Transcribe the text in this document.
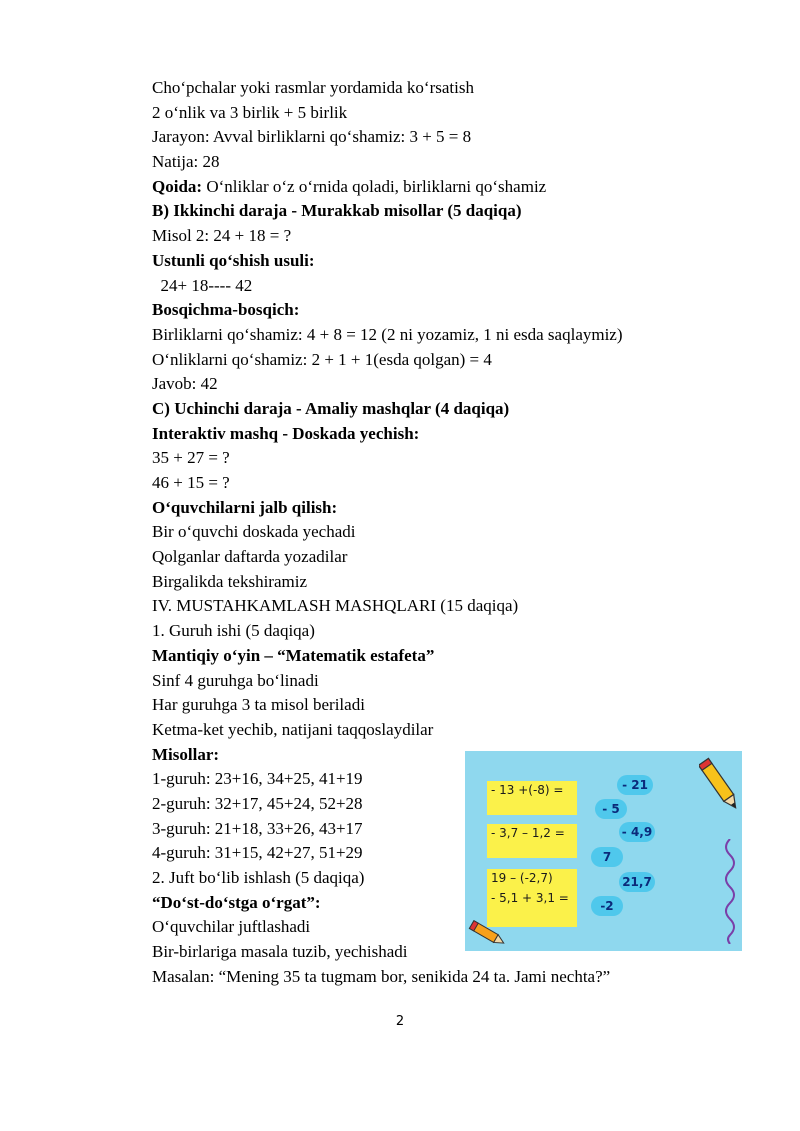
Cho‘pchalar yoki rasmlar yordamida ko‘rsatish
2 o‘nlik va 3 birlik + 5 birlik
Jarayon: Avval birliklarni qo‘shamiz: 3 + 5 = 8
Natija: 28
Qoida: O‘nliklar o‘z o‘rnida qoladi, birliklarni qo‘shamiz
B) Ikkinchi daraja - Murakkab misollar (5 daqiqa)
Misol 2: 24 + 18 = ?
Ustunli qo‘shish usuli:
24+ 18---- 42
Bosqichma-bosqich:
Birliklarni qo‘shamiz: 4 + 8 = 12 (2 ni yozamiz, 1 ni esda saqlaymiz)
O‘nliklarni qo‘shamiz: 2 + 1 + 1(esda qolgan) = 4
Javob: 42
C) Uchinchi daraja - Amaliy mashqlar (4 daqiqa)
Interaktiv mashq - Doskada yechish:
35 + 27 = ?
46 + 15 = ?
O‘quvchilarni jalb qilish:
Bir o‘quvchi doskada yechadi
Qolganlar daftarda yozadilar
Birgalikda tekshiramiz
IV. MUSTAHKAMLASH MASHQLARI (15 daqiqa)
1. Guruh ishi (5 daqiqa)
Mantiqiy o‘yin – “Matematik estafeta”
Sinf 4 guruhga bo‘linadi
Har guruhga 3 ta misol beriladi
Ketma-ket yechib, natijani taqqoslaydilar
Misollar:
1-guruh: 23+16, 34+25, 41+19
2-guruh: 32+17, 45+24, 52+28
3-guruh: 21+18, 33+26, 43+17
4-guruh: 31+15, 42+27, 51+29
2. Juft bo‘lib ishlash (5 daqiqa)
“Do‘st-do‘stga o‘rgat”:
O‘quvchilar juftlashadi
Bir-birlariga masala tuzib, yechishadi
Masalan: “Mening 35 ta tugmam bor, senikida 24 ta. Jami nechta?”
- 13 +(-8) =
- 3,7 – 1,2 =
19 – (-2,7)
- 5,1 + 3,1 =
- 21
- 5
- 4,9
7
21,7
-2
2
